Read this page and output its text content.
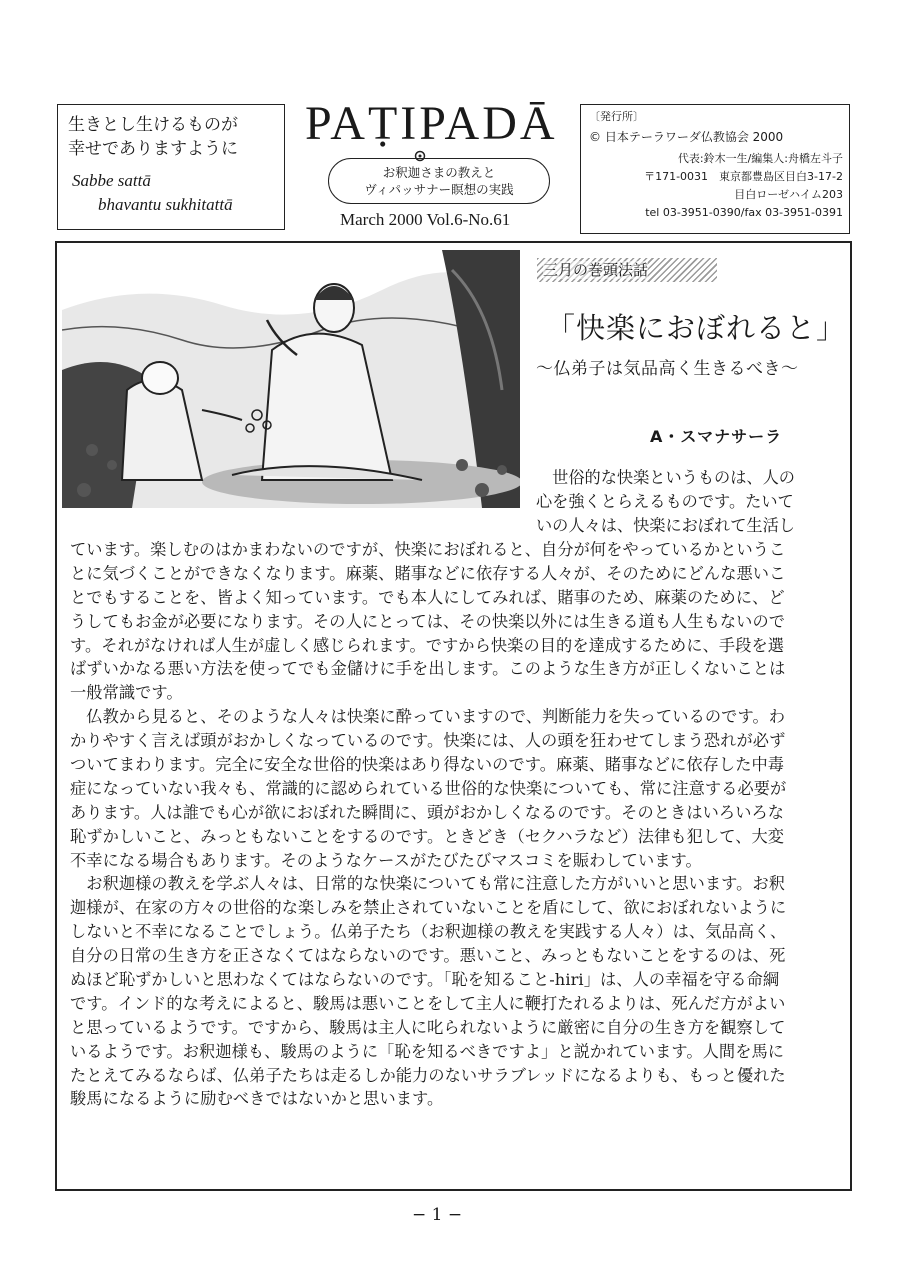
生きとし生けるものが
幸せでありますように
Sabbe sattā
bhavantu sukhitattā
PAṬIPADĀ
お釈迦さまの教えと
ヴィパッサナー瞑想の実践
March 2000 Vol.6-No.61
〔発行所〕
© 日本テーラワーダ仏教協会 2000
代表:鈴木一生/編集人:舟橋左斗子
〒171-0031　東京都豊島区目白3-17-2
目白ローゼハイム203
tel 03-3951-0390/fax 03-3951-0391
三月の巻頭法話
「快楽におぼれると」
〜仏弟子は気品高く生きるべき〜
A・スマナサーラ
　世俗的な快楽というものは、人の
心を強くとらえるものです。たいて
いの人々は、快楽におぼれて生活し
ています。楽しむのはかまわないのですが、快楽におぼれると、自分が何をやっているかというこ
とに気づくことができなくなります。麻薬、賭事などに依存する人々が、そのためにどんな悪いこ
とでもすることを、皆よく知っています。でも本人にしてみれば、賭事のため、麻薬のために、ど
うしてもお金が必要になります。その人にとっては、その快楽以外には生きる道も人生もないので
す。それがなければ人生が虚しく感じられます。ですから快楽の目的を達成するために、手段を選
ばずいかなる悪い方法を使ってでも金儲けに手を出します。このような生き方が正しくないことは
一般常識です。
　仏教から見ると、そのような人々は快楽に酔っていますので、判断能力を失っているのです。わ
かりやすく言えば頭がおかしくなっているのです。快楽には、人の頭を狂わせてしまう恐れが必ず
ついてまわります。完全に安全な世俗的快楽はあり得ないのです。麻薬、賭事などに依存した中毒
症になっていない我々も、常識的に認められている世俗的な快楽についても、常に注意する必要が
あります。人は誰でも心が欲におぼれた瞬間に、頭がおかしくなるのです。そのときはいろいろな
恥ずかしいこと、みっともないことをするのです。ときどき（セクハラなど）法律も犯して、大変
不幸になる場合もあります。そのようなケースがたびたびマスコミを賑わしています。
　お釈迦様の教えを学ぶ人々は、日常的な快楽についても常に注意した方がいいと思います。お釈
迦様が、在家の方々の世俗的な楽しみを禁止されていないことを盾にして、欲におぼれないように
しないと不幸になることでしょう。仏弟子たち（お釈迦様の教えを実践する人々）は、気品高く、
自分の日常の生き方を正さなくてはならないのです。悪いこと、みっともないことをするのは、死
ぬほど恥ずかしいと思わなくてはならないのです。「恥を知ること-hiri」は、人の幸福を守る命綱
です。インド的な考えによると、駿馬は悪いことをして主人に鞭打たれるよりは、死んだ方がよい
と思っているようです。ですから、駿馬は主人に叱られないように厳密に自分の生き方を観察して
いるようです。お釈迦様も、駿馬のように「恥を知るべきですよ」と説かれています。人間を馬に
たとえてみるならば、仏弟子たちは走るしか能力のないサラブレッドになるよりも、もっと優れた
駿馬になるように励むべきではないかと思います。
− 1 −
